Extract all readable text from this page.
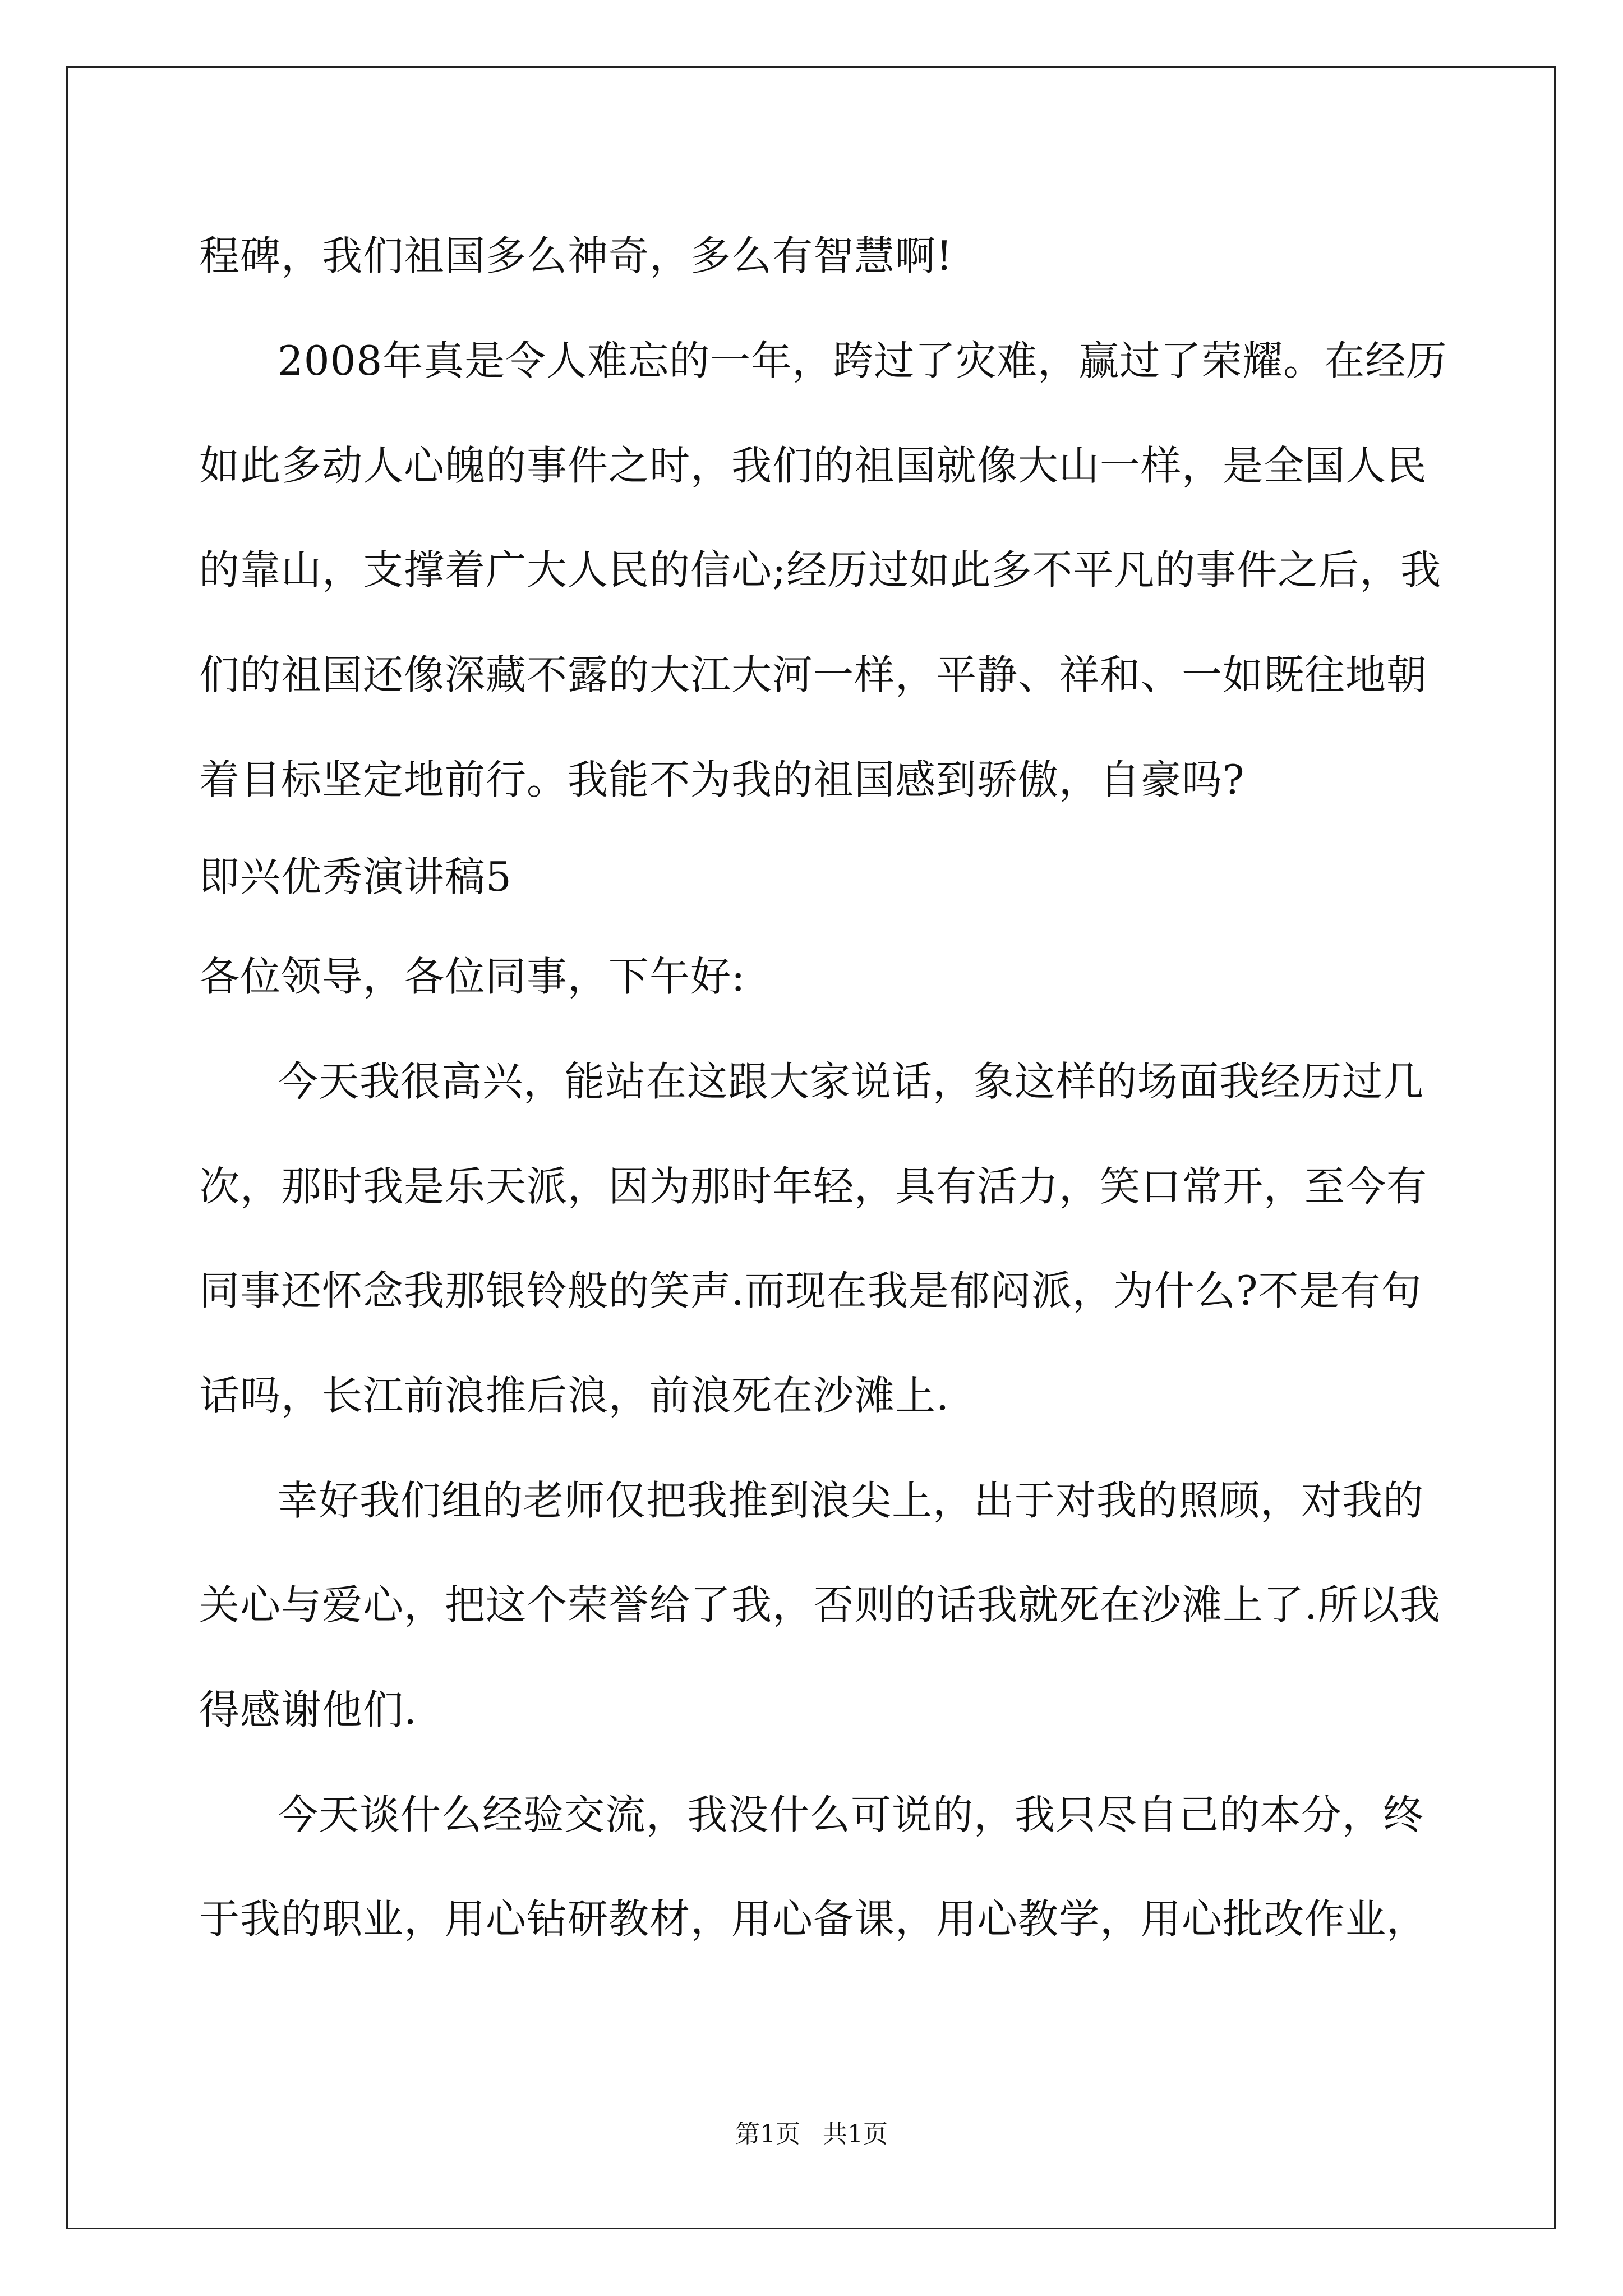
程碑，我们祖国多么神奇，多么有智慧啊!
2008年真是令人难忘的一年，跨过了灾难，赢过了荣耀。在经历
如此多动人心魄的事件之时，我们的祖国就像大山一样，是全国人民
的靠山，支撑着广大人民的信心;经历过如此多不平凡的事件之后，我
们的祖国还像深藏不露的大江大河一样，平静、祥和、一如既往地朝
着目标坚定地前行。我能不为我的祖国感到骄傲，自豪吗?
即兴优秀演讲稿5
各位领导，各位同事，下午好:
今天我很高兴，能站在这跟大家说话，象这样的场面我经历过几
次，那时我是乐天派，因为那时年轻，具有活力，笑口常开，至今有
同事还怀念我那银铃般的笑声.而现在我是郁闷派，为什么?不是有句
话吗，长江前浪推后浪，前浪死在沙滩上.
幸好我们组的老师仅把我推到浪尖上，出于对我的照顾，对我的
关心与爱心，把这个荣誉给了我，否则的话我就死在沙滩上了.所以我
得感谢他们.
今天谈什么经验交流，我没什么可说的，我只尽自己的本分，终
于我的职业，用心钻研教材，用心备课，用心教学，用心批改作业，
第1页 共1页
